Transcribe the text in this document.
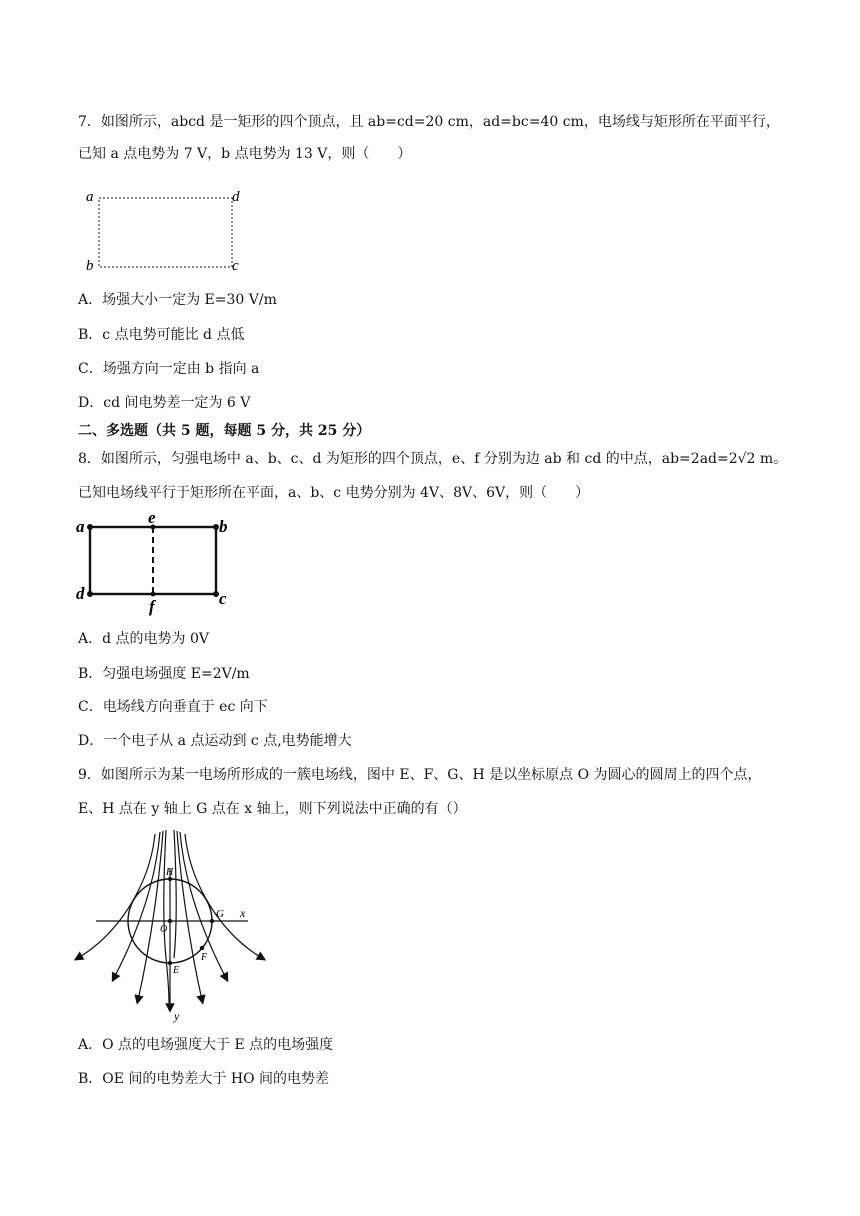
7．如图所示，abcd 是一矩形的四个顶点，且 ab=cd=20 cm，ad=bc=40 cm，电场线与矩形所在平面平行，
已知 a 点电势为 7 V，b 点电势为 13 V，则（　　）
a	d
b	c
A．场强大小一定为 E=30 V/m
B．c 点电势可能比 d 点低
C．场强方向一定由 b 指向 a
D．cd 间电势差一定为 6 V
二、多选题（共 5 题，每题 5 分，共 25 分）
8．如图所示，匀强电场中 a、b、c、d 为矩形的四个顶点，e、f 分别为边 ab 和 cd 的中点，ab=2ad=2√2 m。
已知电场线平行于矩形所在平面，a、b、c 电势分别为 4V、8V、6V，则（　　）
a	e	b
d
f	c
A．d 点的电势为 0V
B．匀强电场强度 E=2V/m
C．电场线方向垂直于 ec 向下
D．一个电子从 a 点运动到 c 点,电势能增大
9．如图所示为某一电场所形成的一簇电场线，图中 E、F、G、H 是以坐标原点 O 为圆心的圆周上的四个点，
E、H 点在 y 轴上 G 点在 x 轴上，则下列说法中正确的有（）
H
G x
O
E
F
y
A．O 点的电场强度大于 E 点的电场强度
B．OE 间的电势差大于 HO 间的电势差
